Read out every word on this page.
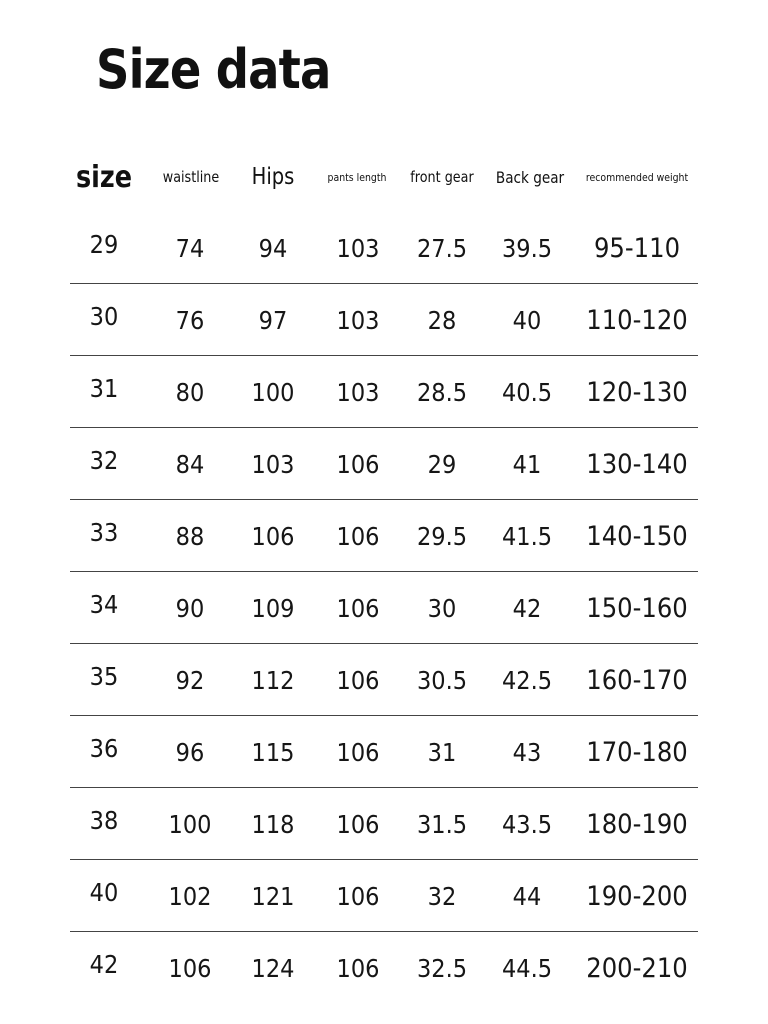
Size data
size waistline Hips	pants length front gear Back gear recommended weight
29 74 94 103 27.5 39.5 95-110
30 76 97 103 28 40 110-120
31 80 100 103 28.5 40.5 120-130
32 84 103 106 29 41 130-140
33 88 106 106 29.5 41.5 140-150
34 90 109 106 30 42 150-160
35 92 112 106 30.5 42.5 160-170
36 96 115 106 31 43 170-180
38 100 118 106 31.5 43.5 180-190
40 102 121 106 32 44 190-200
42 106 124 106 32.5 44.5 200-210
